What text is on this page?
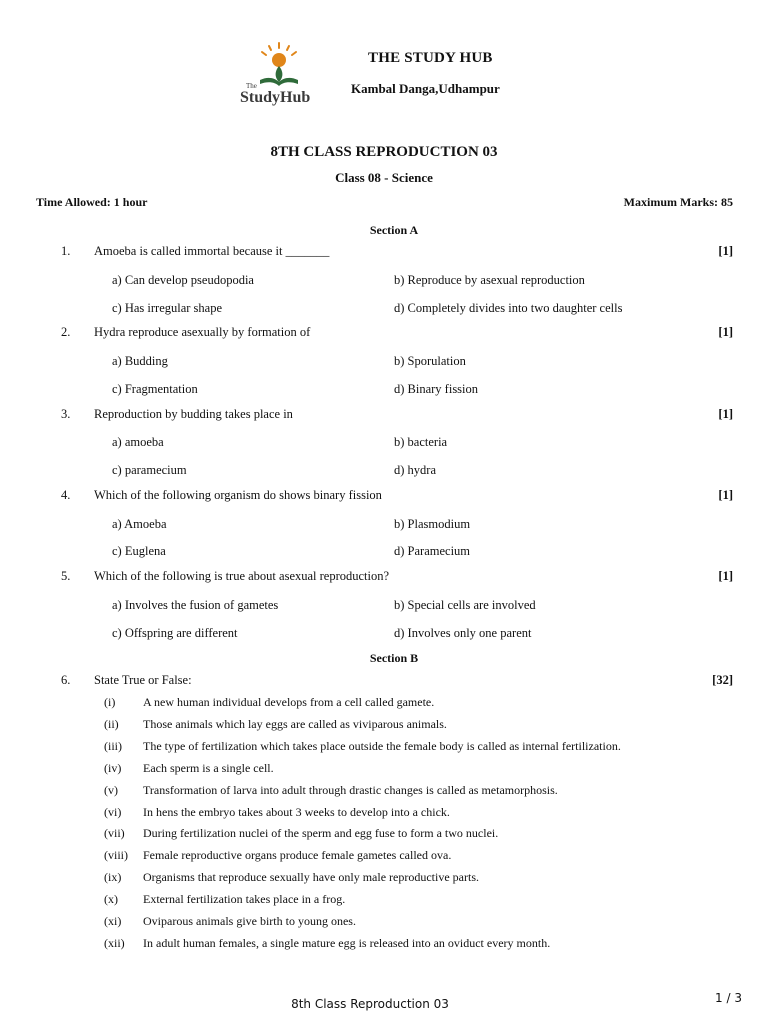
The
StudyHub
THE STUDY HUB
Kambal Danga,Udhampur
8TH CLASS REPRODUCTION 03
Class 08 - Science
Time Allowed: 1 hour	Maximum Marks: 85
Section A
1. Amoeba is called immortal because it _______	[1]
a) Can develop pseudopodia	b) Reproduce by asexual reproduction
c) Has irregular shape	d) Completely divides into two daughter cells
2. Hydra reproduce asexually by formation of	[1]
a) Budding	b) Sporulation
c) Fragmentation	d) Binary fission
3. Reproduction by budding takes place in	[1]
a) amoeba	b) bacteria
c) paramecium	d) hydra
4. Which of the following organism do shows binary fission	[1]
a) Amoeba	b) Plasmodium
c) Euglena	d) Paramecium
5. Which of the following is true about asexual reproduction?	[1]
a) Involves the fusion of gametes	b) Special cells are involved
c) Offspring are different	d) Involves only one parent
Section B
6. State True or False:	[32]
(i) A new human individual develops from a cell called gamete.
(ii) Those animals which lay eggs are called as viviparous animals.
(iii) The type of fertilization which takes place outside the female body is called as internal fertilization.
(iv) Each sperm is a single cell.
(v) Transformation of larva into adult through drastic changes is called as metamorphosis.
(vi) In hens the embryo takes about 3 weeks to develop into a chick.
(vii) During fertilization nuclei of the sperm and egg fuse to form a two nuclei.
(viii) Female reproductive organs produce female gametes called ova.
(ix) Organisms that reproduce sexually have only male reproductive parts.
(x) External fertilization takes place in a frog.
(xi) Oviparous animals give birth to young ones.
(xii) In adult human females, a single mature egg is released into an oviduct every month.
8th Class Reproduction 03	1 / 3
